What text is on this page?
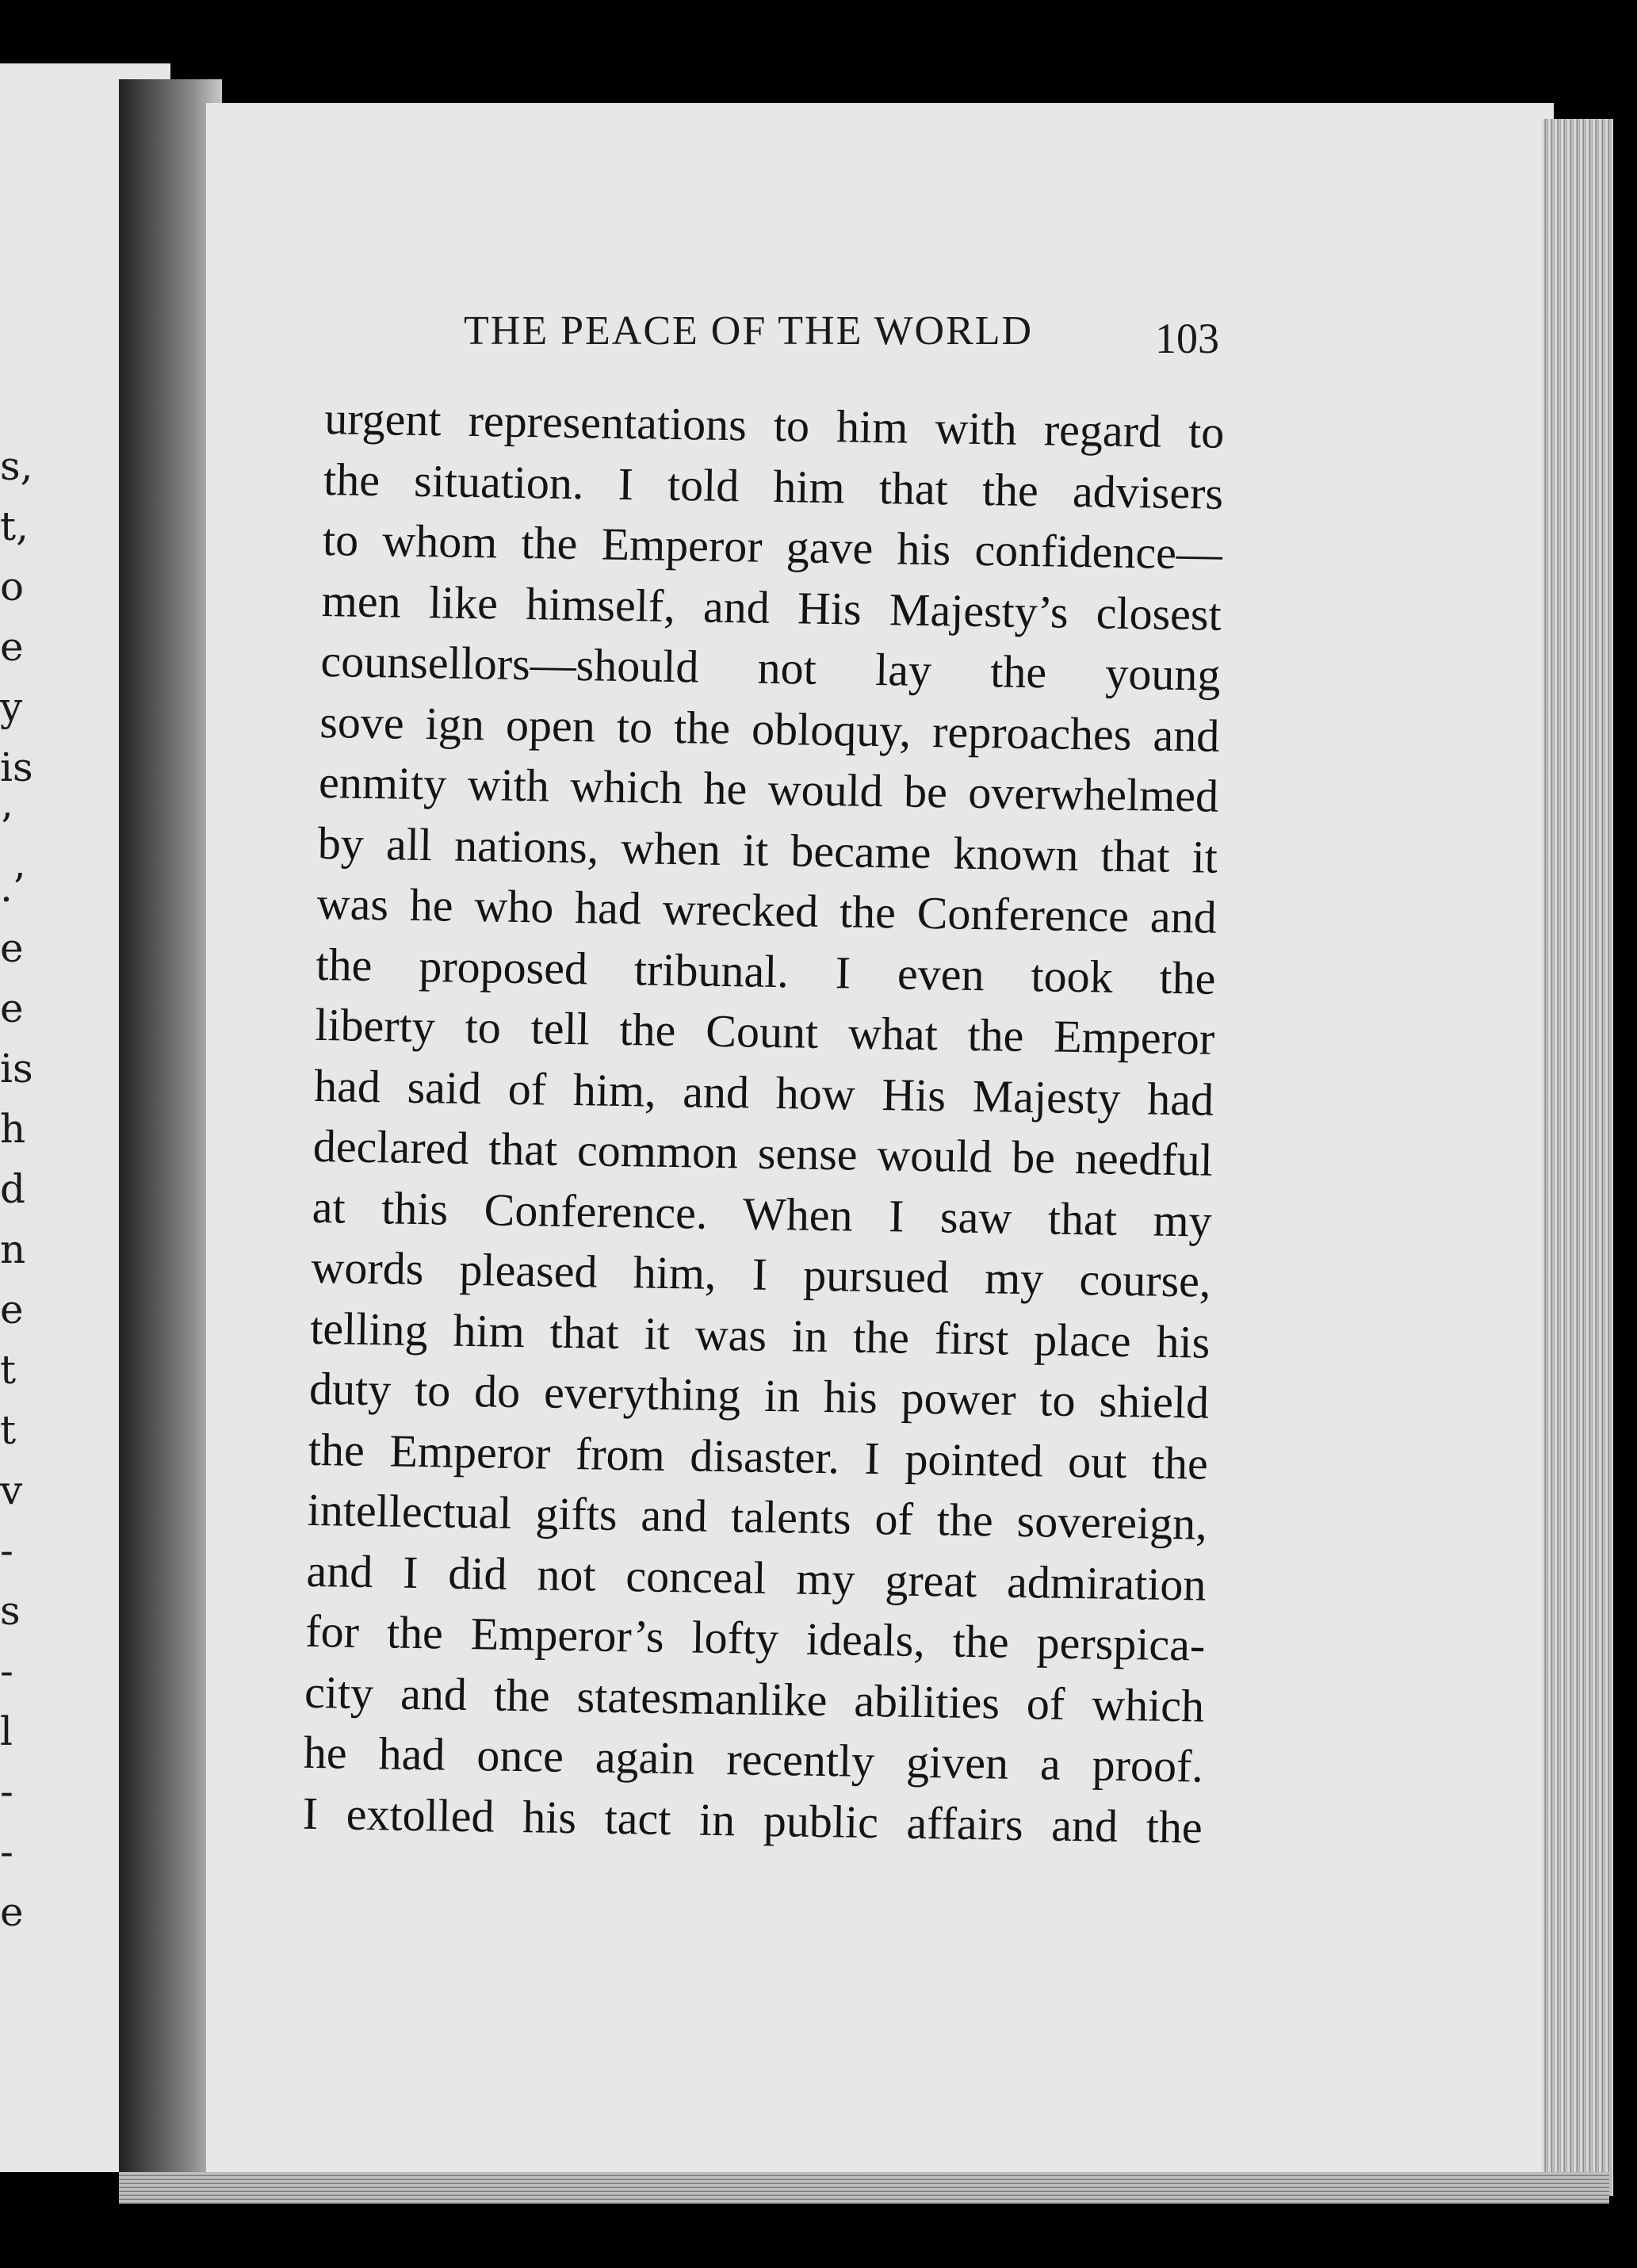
s,
t,
o
e
y
is
’
.’
e
e
is
h
d
n
e
t
t
v
-
s
-
l
-
-
e
THE PEACE OF THE WORLD	103
urgent representations to him with regard to
the situation. I told him that the advisers
to whom the Emperor gave his confidence—
men like himself, and His Majesty’s closest
counsellors—should not lay the young
sove ign open to the obloquy, reproaches and
enmity with which he would be overwhelmed
by all nations, when it became known that it
was he who had wrecked the Conference and
the proposed tribunal. I even took the
liberty to tell the Count what the Emperor
had said of him, and how His Majesty had
declared that common sense would be needful
at this Conference. When I saw that my
words pleased him, I pursued my course,
telling him that it was in the first place his
duty to do everything in his power to shield
the Emperor from disaster. I pointed out the
intellectual gifts and talents of the sovereign,
and I did not conceal my great admiration
for the Emperor’s lofty ideals, the perspica-
city and the statesmanlike abilities of which
he had once again recently given a proof.
I extolled his tact in public affairs and the
